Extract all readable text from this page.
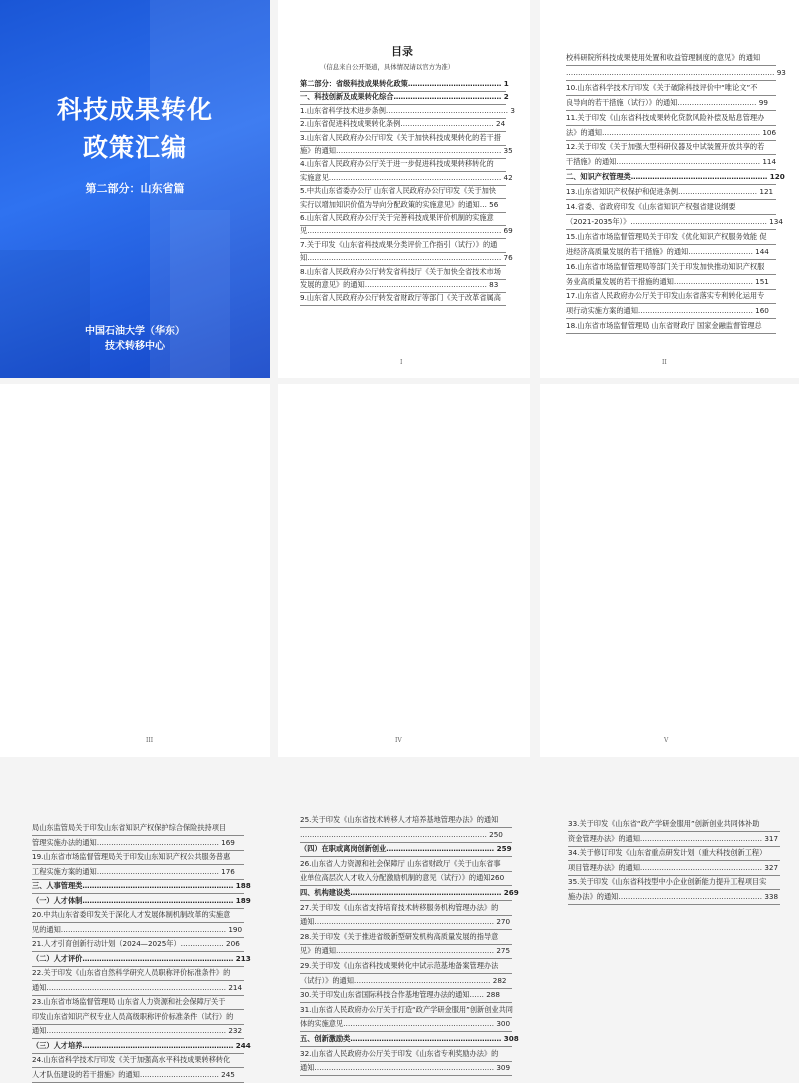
科技成果转化
政策汇编
第二部分：山东省篇
中国石油大学（华东）
技术转移中心
目录
（信息来自公开渠道，具体情况请以官方为准）
第二部分：省级科技成果转化政策………………………………… 1
一、科技创新及成果转化综合……………………………………… 2
1.山东省科学技术进步条例…………………………………………… 3
2.山东省促进科技成果转化条例………………………………… 24
3.山东省人民政府办公厅印发《关于加快科技成果转化的若干措
施》的通知…………………………………………………………… 35
4.山东省人民政府办公厅关于进一步促进科技成果转移转化的
实施意见……………………………………………………………… 42
5.中共山东省委办公厅 山东省人民政府办公厅印发《关于加快
实行以增加知识价值为导向分配政策的实施意见》的通知… 56
6.山东省人民政府办公厅关于完善科技成果评价机制的实施意
见……………………………………………………………………… 69
7.关于印发《山东省科技成果分类评价工作指引（试行）》的通
知……………………………………………………………………… 76
8.山东省人民政府办公厅转发省科技厅《关于加快全省技术市场
发展的意见》的通知…………………………………………… 83
9.山东省人民政府办公厅转发省财政厅等部门《关于改革省属高
I
校科研院所科技成果使用处置和收益管理制度的意见》的通知
…………………………………………………………………………… 93
10.山东省科学技术厅印发《关于破除科技评价中“唯论文”不
良导向的若干措施（试行）》的通知…………………………… 99
11.关于印发《山东省科技成果转化贷款风险补偿及贴息管理办
法》的通知………………………………………………………… 106
12.关于印发《关于加强大型科研仪器及中试装置开放共享的若
干措施》的通知…………………………………………………… 114
二、知识产权管理类………………………………………………… 120
13.山东省知识产权保护和促进条例…………………………… 121
14.省委、省政府印发《山东省知识产权强省建设纲要
（2021-2035年）》………………………………………………… 134
15.山东省市场监督管理局关于印发《优化知识产权服务效能 促
进经济高质量发展的若干措施》的通知……………………… 144
16.山东省市场监督管理局等部门关于印发加快推动知识产权服
务业高质量发展的若干措施的通知…………………………… 151
17.山东省人民政府办公厅关于印发山东省落实专利转化运用专
项行动实施方案的通知………………………………………… 160
18.山东省市场监督管理局 山东省财政厅 国家金融监督管理总
II
局山东监管局关于印发山东省知识产权保护综合保险扶持项目
管理实施办法的通知…………………………………………… 169
19.山东省市场监督管理局关于印发山东知识产权公共服务普惠
工程实施方案的通知…………………………………………… 176
三、人事管理类……………………………………………………… 188
（一）人才体制……………………………………………………… 189
20.中共山东省委印发关于深化人才发展体制机制改革的实施意
见的通知…………………………………………………………… 190
21.人才引育创新行动计划（2024—2025年）……………… 206
（二）人才评价……………………………………………………… 213
22.关于印发《山东省自然科学研究人员职称评价标准条件》的
通知………………………………………………………………… 214
23.山东省市场监督管理局 山东省人力资源和社会保障厅关于
印发山东省知识产权专业人员高级职称评价标准条件（试行）的
通知………………………………………………………………… 232
（三）人才培养……………………………………………………… 244
24.山东省科学技术厅印发《关于加强高水平科技成果转移转化
人才队伍建设的若干措施》的通知…………………………… 245
III
25.关于印发《山东省技术转移人才培养基地管理办法》的通知
…………………………………………………………………… 250
（四）在职或离岗创新创业……………………………………… 259
26.山东省人力资源和社会保障厅 山东省财政厅《关于山东省事
业单位高层次人才收入分配激励机制的意见（试行）》的通知260
四、机构建设类……………………………………………………… 269
27.关于印发《山东省支持培育技术转移服务机构管理办法》的
通知………………………………………………………………… 270
28.关于印发《关于推进省级新型研发机构高质量发展的指导意
见》的通知………………………………………………………… 275
29.关于印发《山东省科技成果转化中试示范基地备案管理办法
（试行）》的通知………………………………………………… 282
30.关于印发山东省国际科技合作基地管理办法的通知…… 288
31.山东省人民政府办公厅关于打造“政产学研金服用”创新创业共同
体的实施意见……………………………………………………… 300
五、创新激励类……………………………………………………… 308
32.山东省人民政府办公厅关于印发《山东省专利奖励办法》的
通知………………………………………………………………… 309
IV
33.关于印发《山东省“政产学研金服用”创新创业共同体补助
资金管理办法》的通知…………………………………………… 317
34.关于修订印发《山东省重点研发计划（重大科技创新工程）
项目管理办法》的通知…………………………………………… 327
35.关于印发《山东省科技型中小企业创新能力提升工程项目实
施办法》的通知…………………………………………………… 338
V
